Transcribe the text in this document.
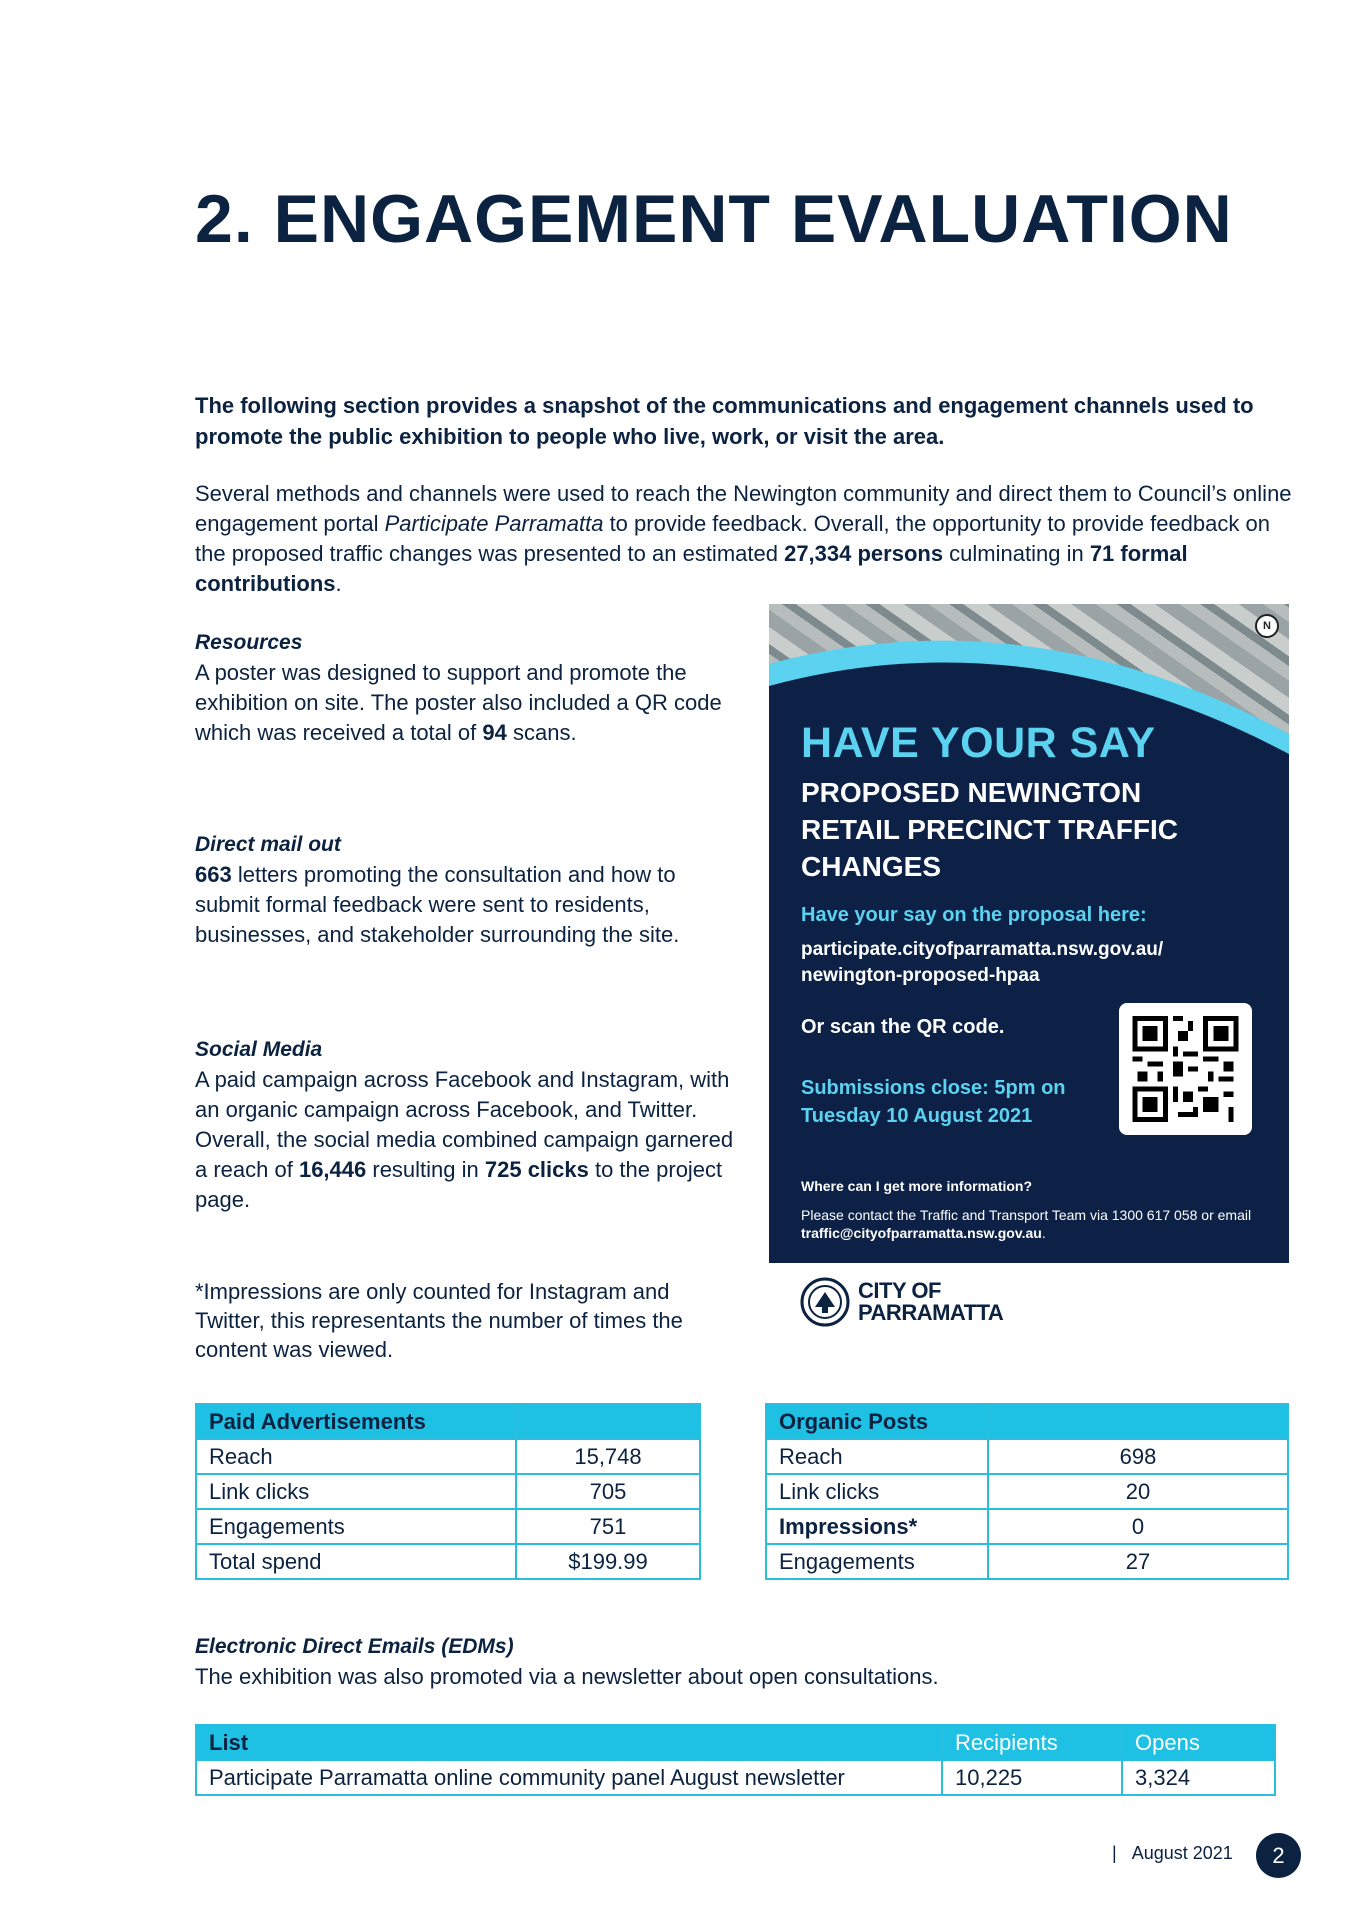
2. ENGAGEMENT EVALUATION

The following section provides a snapshot of the communications and engagement channels used to promote the public exhibition to people who live, work, or visit the area.

Several methods and channels were used to reach the Newington community and direct them to Council’s online engagement portal Participate Parramatta to provide feedback. Overall, the opportunity to provide feedback on the proposed traffic changes was presented to an estimated 27,334 persons culminating in 71 formal contributions.

Resources

A poster was designed to support and promote the exhibition on site. The poster also included a QR code which was received a total of 94 scans.

Direct mail out

663 letters promoting the consultation and how to submit formal feedback were sent to residents, businesses, and stakeholder surrounding the site.

Social Media

A paid campaign across Facebook and Instagram, with an organic campaign across Facebook, and Twitter. Overall, the social media combined campaign garnered a reach of 16,446 resulting in 725 clicks to the project page.

*Impressions are only counted for Instagram and Twitter, this representants the number of times the content was viewed.

N
HAVE YOUR SAY
PROPOSED NEWINGTON RETAIL PRECINCT TRAFFIC CHANGES
Have your say on the proposal here:
participate.cityofparramatta.nsw.gov.au/ newington-proposed-hpaa
Or scan the QR code.
Submissions close: 5pm on Tuesday 10 August 2021
Where can I get more information?
Please contact the Traffic and Transport Team via 1300 617 058 or email traffic@cityofparramatta.nsw.gov.au.
CITY OF
PARRAMATTA
Paid Advertisements	
Reach	15,748
Link clicks	705
Engagements	751
Total spend	$199.99
Organic Posts	
Reach	698
Link clicks	20
Impressions*	0
Engagements	27
Electronic Direct Emails (EDMs)

The exhibition was also promoted via a newsletter about open consultations.

List	Recipients	Opens
Participate Parramatta online community panel August newsletter	10,225	3,324
| August 2021	2
